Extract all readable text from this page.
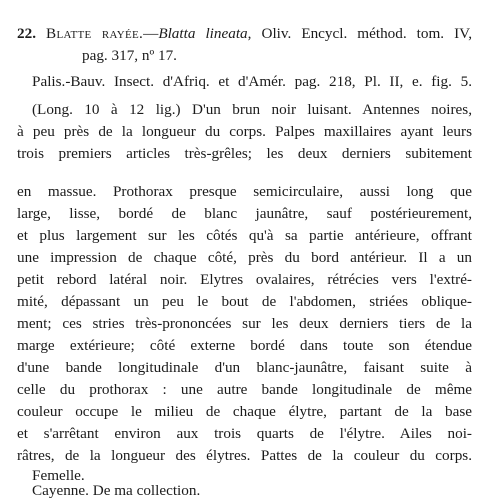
22. Blatte rayée.—Blatta lineata, Oliv. Encycl. méthod. tom. IV,
pag. 317, nº 17.
Palis.-Bauv. Insect. d'Afriq. et d'Amér. pag. 218, Pl. II, e. fig. 5.
(Long. 10 à 12 lig.) D'un brun noir luisant. Antennes noires,
à peu près de la longueur du corps. Palpes maxillaires ayant leurs
trois premiers articles très-grêles; les deux derniers subitement
en massue. Prothorax presque semicirculaire, aussi long que
large, lisse, bordé de blanc jaunâtre, sauf postérieurement,
et plus largement sur les côtés qu'à sa partie antérieure, offrant
une impression de chaque côté, près du bord antérieur. Il a un
petit rebord latéral noir. Elytres ovalaires, rétrécies vers l'extré-
mité, dépassant un peu le bout de l'abdomen, striées oblique-
ment; ces stries très-prononcées sur les deux derniers tiers de la
marge extérieure; côté externe bordé dans toute son étendue
d'une bande longitudinale d'un blanc-jaunâtre, faisant suite à
celle du prothorax : une autre bande longitudinale de même
couleur occupe le milieu de chaque élytre, partant de la base
et s'arrêtant environ aux trois quarts de l'élytre. Ailes noi-
râtres, de la longueur des élytres. Pattes de la couleur du corps.
Femelle.
Cayenne. De ma collection.
